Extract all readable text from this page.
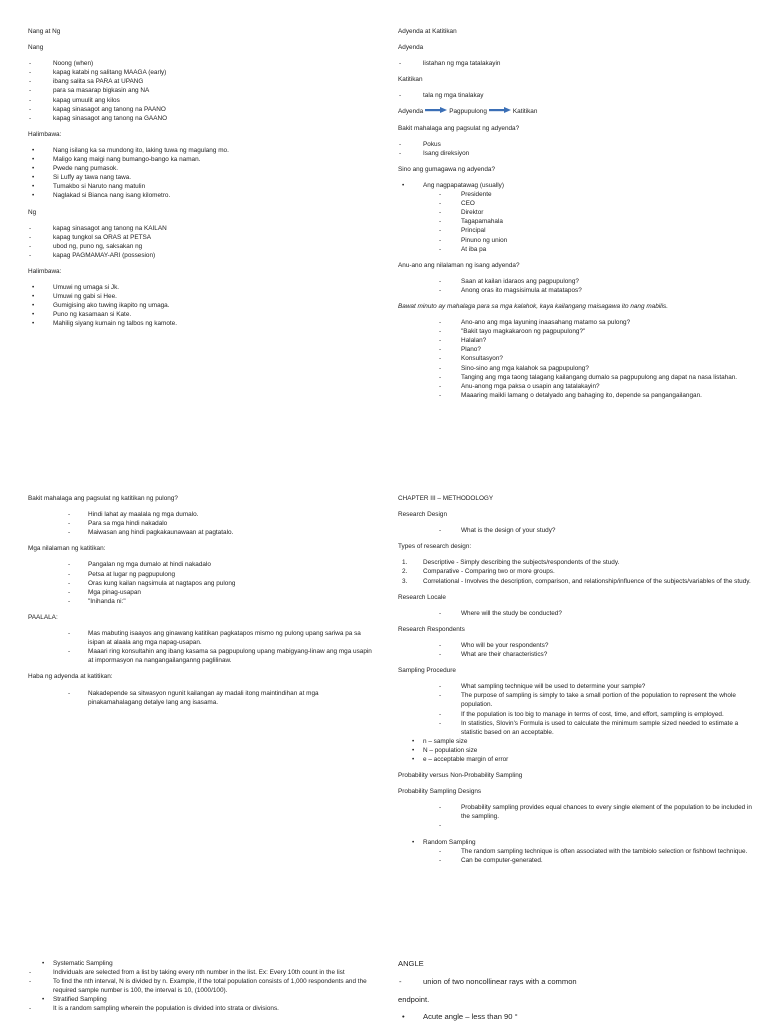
Nang at Ng
Nang
- Noong (when)
- kapag katabi ng salitang MAAGA (early)
- ibang salita sa PARA at UPANG
- para sa masarap bigkasin ang NA
- kapag umuulit ang kilos
- kapag sinasagot ang tanong na PAANO
- kapag sinasagot ang tanong na GAANO
Halimbawa:
• Nang isilang ka sa mundong ito, laking tuwa ng magulang mo.
• Maligo kang maigi nang bumango-bango ka naman.
• Pwede nang pumasok.
• Si Luffy ay tawa nang tawa.
• Tumakbo si Naruto nang matulin
• Naglakad si Bianca nang isang kilometro.
Ng
- kapag sinasagot ang tanong na KAILAN
- kapag tungkol sa ORAS at PETSA
- ubod ng, puno ng, saksakan ng
- kapag PAGMAMAY-ARI (possesion)
Halimbawa:
• Umuwi ng umaga si Jk.
• Umuwi ng gabi si Hee.
• Gumigising ako tuwing ikapito ng umaga.
• Puno ng kasamaan si Kate.
• Mahilig siyang kumain ng talbos ng kamote.
Adyenda at Katitikan
Adyenda
- listahan ng mga tatalakayin
Katitikan
- tala ng mga tinalakay
Adyenda	Pagpupulong	Katitikan
Bakit mahalaga ang pagsulat ng adyenda?
- Pokus
- Isang direksiyon
Sino ang gumagawa ng adyenda?
• Ang nagpapatawag (usually)
- Presidente
- CEO
- Direktor
- Tagapamahala
- Principal
- Pinuno ng union
- At iba pa
Anu-ano ang nilalaman ng isang adyenda?
- Saan at kailan idaraos ang pagpupulong?
- Anong oras ito magsisimula at matatapos?
Bawat minuto ay mahalaga para sa mga kalahok, kaya kailangang maisagawa ito nang mabilis.
- Ano-ano ang mga layuning inaasahang matamo sa pulong?
- "Bakit tayo magkakaroon ng pagpupulong?"
- Halalan?
- Plano?
- Konsultasyon?
- Sino-sino ang mga kalahok sa pagpupulong?
- Tanging ang mga taong talagang kailangang dumalo sa pagpupulong ang dapat na nasa listahan.
- Anu-anong mga paksa o usapin ang tatalakayin?
- Maaaring maikli lamang o detalyado ang bahaging ito, depende sa pangangailangan.
Bakit mahalaga ang pagsulat ng katitikan ng pulong?
- Hindi lahat ay maalala ng mga dumalo.
- Para sa mga hindi nakadalo
- Maiwasan ang hindi pagkakaunawaan at pagtatalo.
Mga nilalaman ng katitikan:
- Pangalan ng mga dumalo at hindi nakadalo
- Petsa at lugar ng pagpupulong
- Oras kung kailan nagsimula at nagtapos ang pulong
- Mga pinag-usapan
- "Inihanda ni:"
PAALALA:
- Mas mabuting isaayos ang ginawang katitikan pagkatapos mismo ng pulong upang sariwa pa sa isipan at alaala ang mga napag-usapan.
- Maaari ring konsultahin ang ibang kasama sa pagpupulong upang mabigyang-linaw ang mga usapin at impormasyon na nangangailanganng paglilinaw.
Haba ng adyenda at katitikan:
- Nakadepende sa sitwasyon ngunit kailangan ay madali itong maintindihan at mga pinakamahalagang detalye lang ang isasama.
CHAPTER III – METHODOLOGY
Research Design
- What is the design of your study?
Types of research design:
1. Descriptive - Simply describing the subjects/respondents of the study.
2. Comparative - Comparing two or more groups.
3. Correlational - Involves the description, comparison, and relationship/influence of the subjects/variables of the study.
Research Locale
- Where will the study be conducted?
Research Respondents
- Who will be your respondents?
- What are their characteristics?
Sampling Procedure
- What sampling technique will be used to determine your sample?
- The purpose of sampling is simply to take a small portion of the population to represent the whole population.
- If the population is too big to manage in terms of cost, time, and effort, sampling is employed.
- In statistics, Slovin's Formula is used to calculate the minimum sample sized needed to estimate a statistic based on an acceptable.
• n – sample size
• N – population size
• e – acceptable margin of error
Probability versus Non-Probability Sampling
Probability Sampling Designs
- Probability sampling provides equal chances to every single element of the population to be included in the sampling.
-
• Random Sampling
- The random sampling technique is often associated with the tambiolo selection or fishbowl technique.
- Can be computer-generated.
• Systematic Sampling
- Individuals are selected from a list by taking every nth number in the list. Ex: Every 10th count in the list
- To find the nth interval, N is divided by n. Example, if the total population consists of 1,000 respondents and the required sample number is 100, the interval is 10, (1000/100).
• Stratified Sampling
- It is a random sampling wherein the population is divided into strata or divisions.
ANGLE
- union of two noncollinear rays with a common
endpoint.
• Acute angle – less than 90 °
